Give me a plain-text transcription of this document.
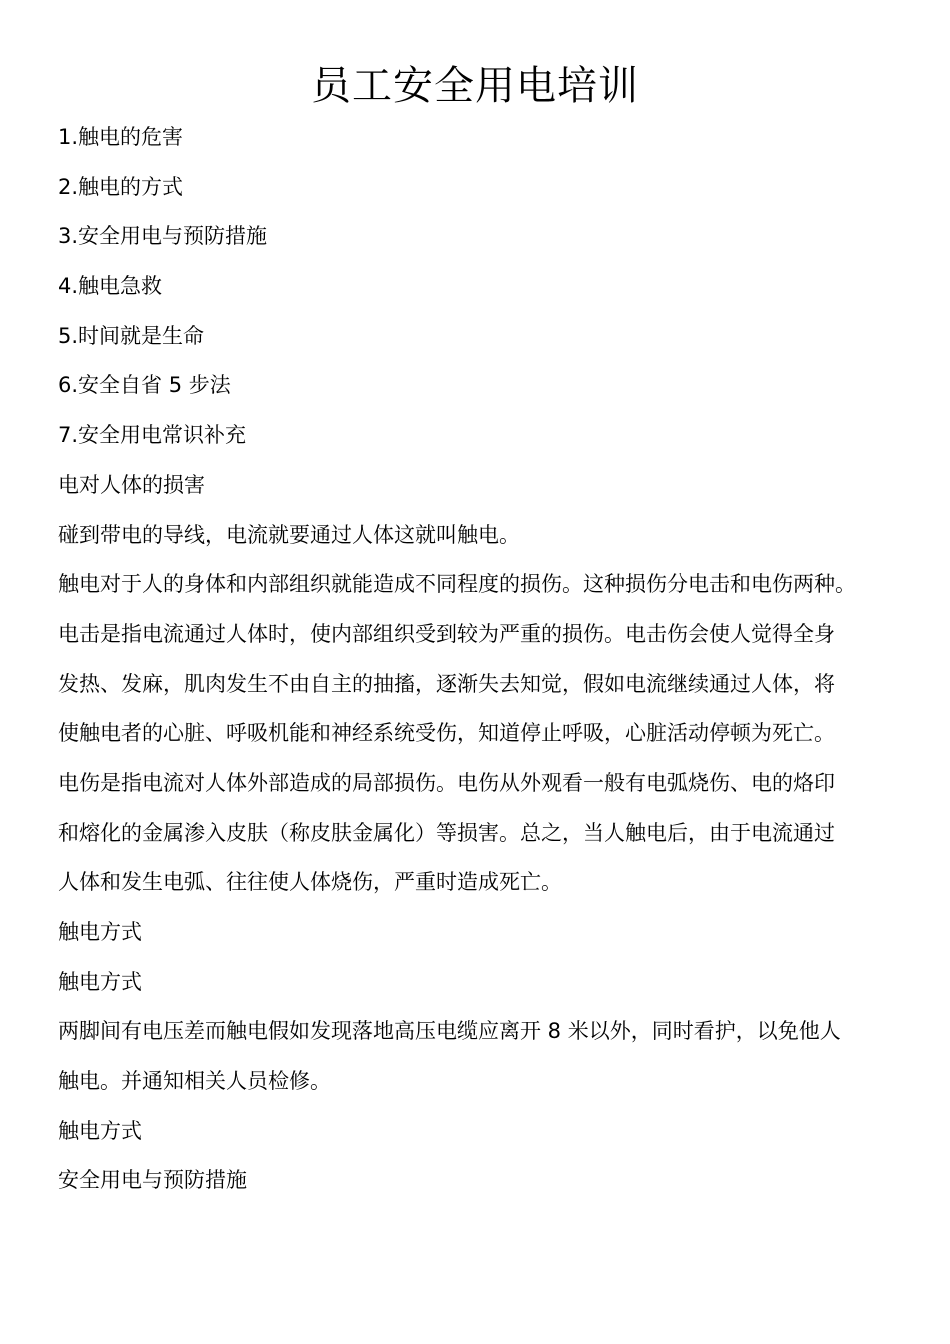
员工安全用电培训

1.触电的危害

2.触电的方式

3.安全用电与预防措施

4.触电急救

5.时间就是生命

6.安全自省 5 步法

7.安全用电常识补充

电对人体的损害

碰到带电的导线，电流就要通过人体这就叫触电。

触电对于人的身体和内部组织就能造成不同程度的损伤。这种损伤分电击和电伤两种。

电击是指电流通过人体时，使内部组织受到较为严重的损伤。电击伤会使人觉得全身

发热、发麻，肌肉发生不由自主的抽搐，逐渐失去知觉，假如电流继续通过人体，将

使触电者的心脏、呼吸机能和神经系统受伤，知道停止呼吸，心脏活动停顿为死亡。

电伤是指电流对人体外部造成的局部损伤。电伤从外观看一般有电弧烧伤、电的烙印

和熔化的金属渗入皮肤（称皮肤金属化）等损害。总之，当人触电后，由于电流通过

人体和发生电弧、往往使人体烧伤，严重时造成死亡。

触电方式

触电方式

两脚间有电压差而触电假如发现落地高压电缆应离开 8 米以外，同时看护，以免他人

触电。并通知相关人员检修。

触电方式

安全用电与预防措施
